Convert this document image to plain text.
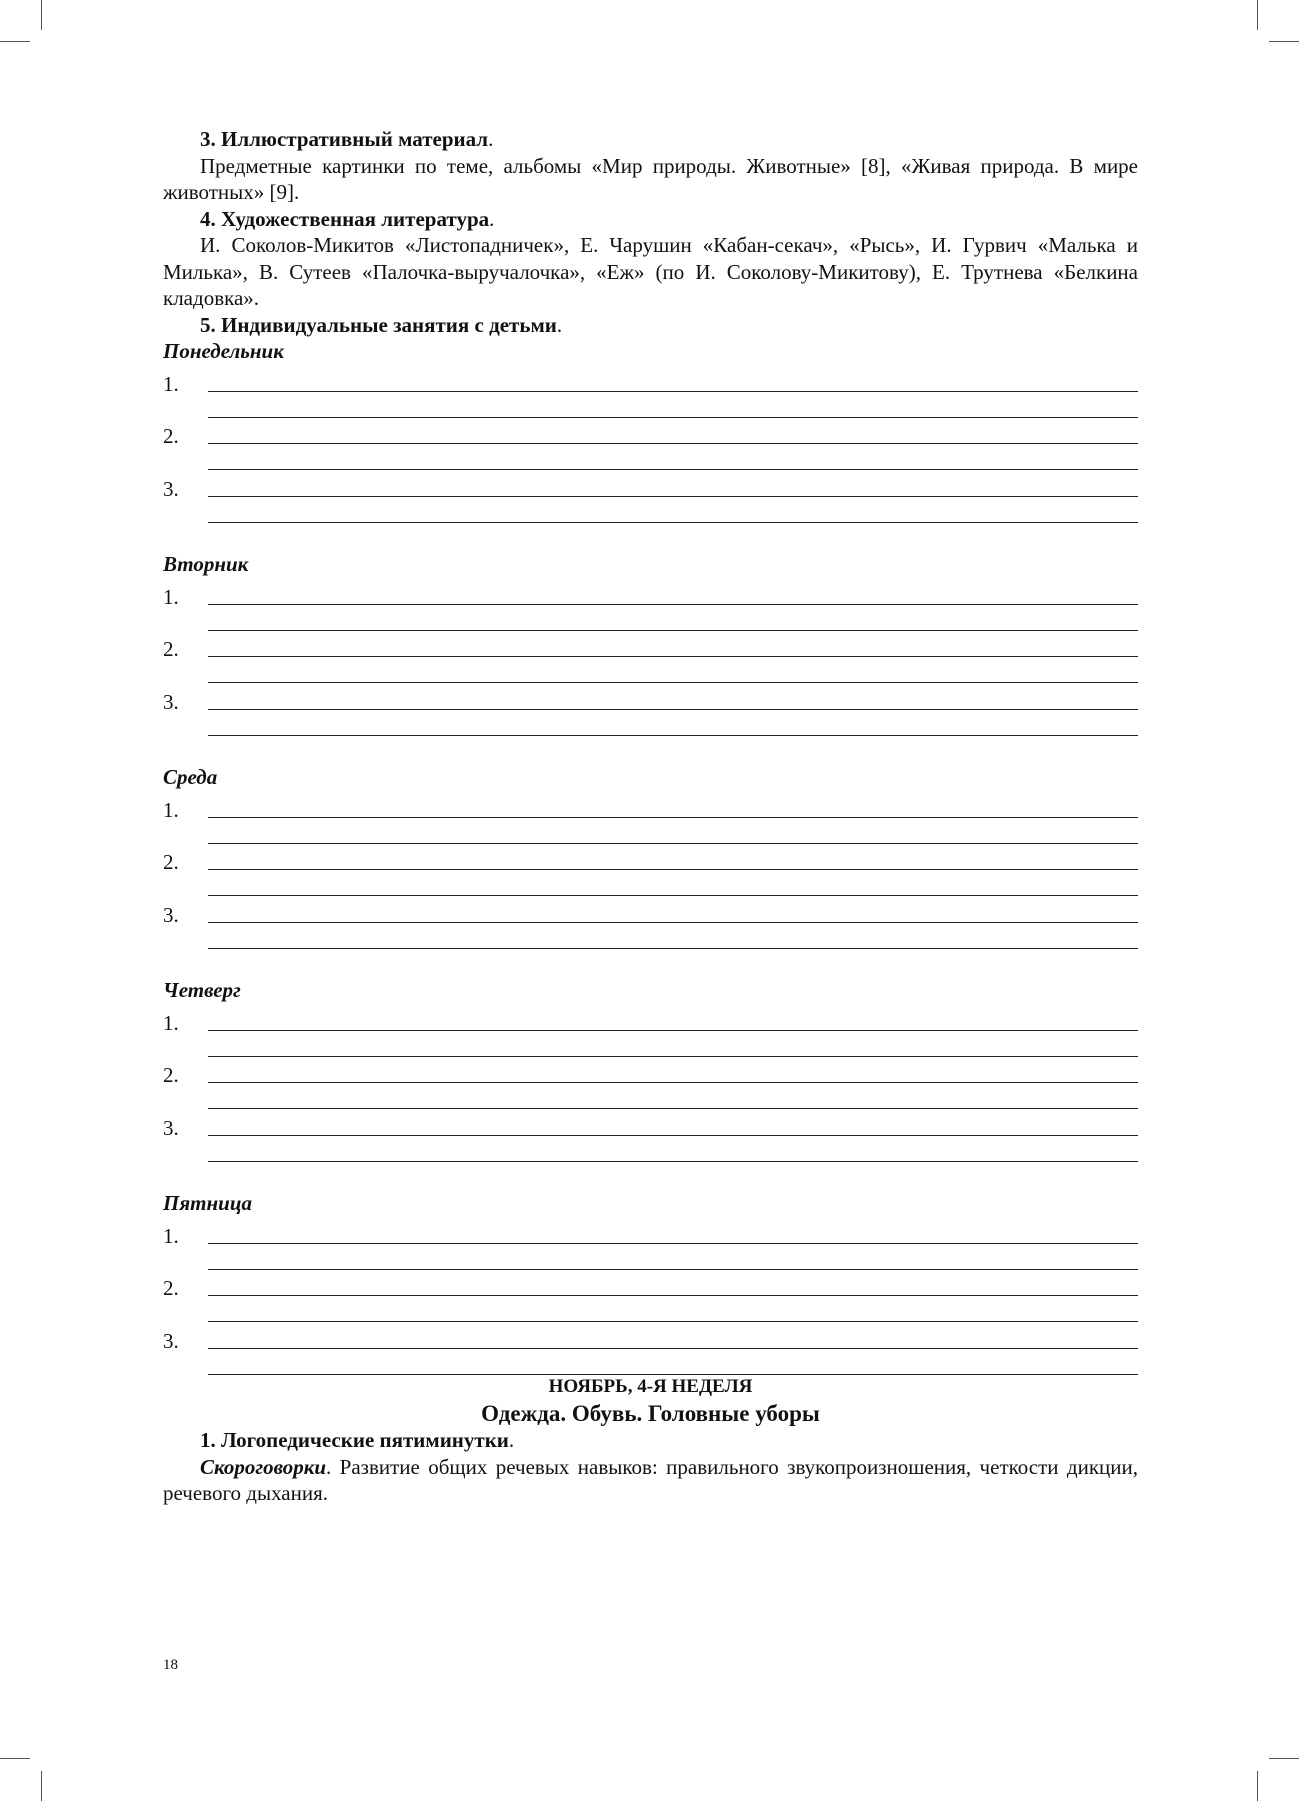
3. Иллюстративный материал.

Предметные картинки по теме, альбомы «Мир природы. Животные» [8], «Живая природа. В мире животных» [9].

4. Художественная литература.

И. Соколов-Микитов «Листопадничек», Е. Чарушин «Кабан-секач», «Рысь», И. Гурвич «Малька и Милька», В. Сутеев «Палочка-выручалочка», «Еж» (по И. Соколову-Микитову), Е. Трутнева «Белкина кладовка».

5. Индивидуальные занятия с детьми.

Понедельник

1.
2.
3.

Вторник

1.
2.
3.

Среда

1.
2.
3.

Четверг

1.
2.
3.

Пятница

1.
2.
3.

НОЯБРЬ, 4-Я НЕДЕЛЯ

Одежда. Обувь. Головные уборы

1. Логопедические пятиминутки.

Скороговорки. Развитие общих речевых навыков: правильного звукопроизношения, четкости дикции, речевого дыхания.

18
